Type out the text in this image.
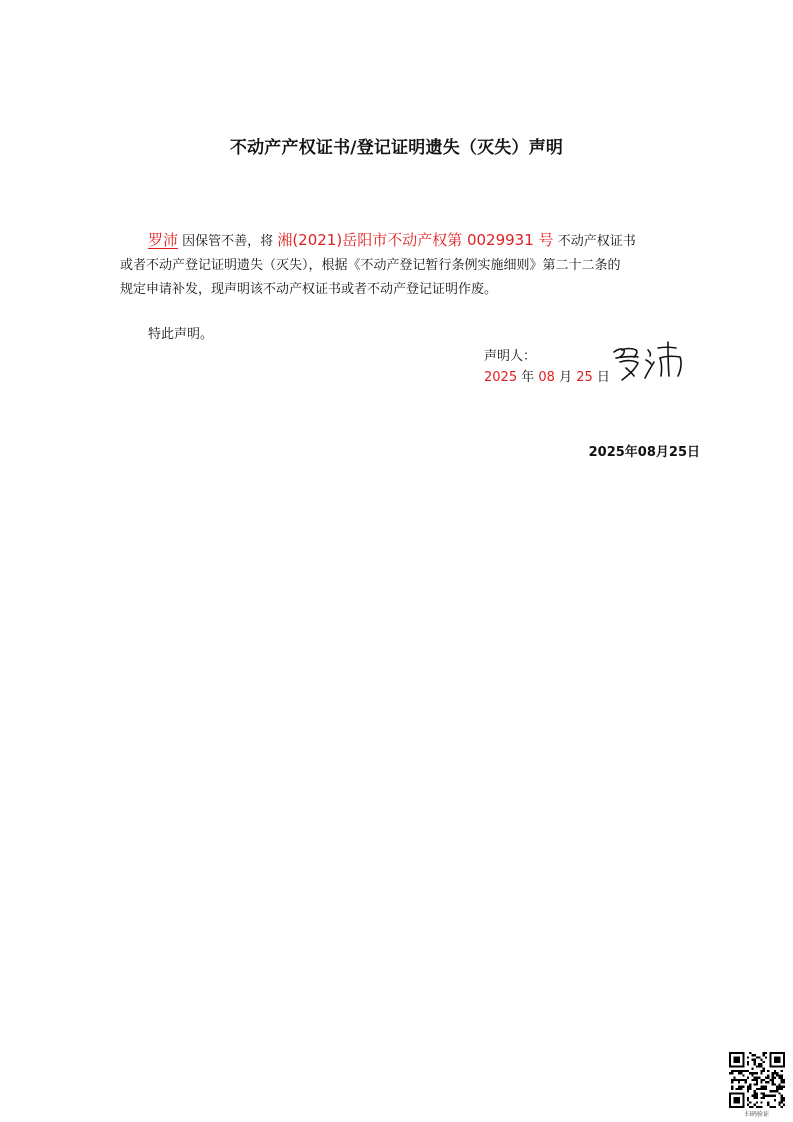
不动产产权证书/登记证明遗失（灭失）声明
罗沛 因保管不善，将 湘(2021)岳阳市不动产权第 0029931 号 不动产权证书
或者不动产登记证明遗失（灭失），根据《不动产登记暂行条例实施细则》第二十二条的
规定申请补发，现声明该不动产权证书或者不动产登记证明作废。
特此声明。
声明人：
2025 年 08 月 25 日
2025年08月25日
扫码验证
